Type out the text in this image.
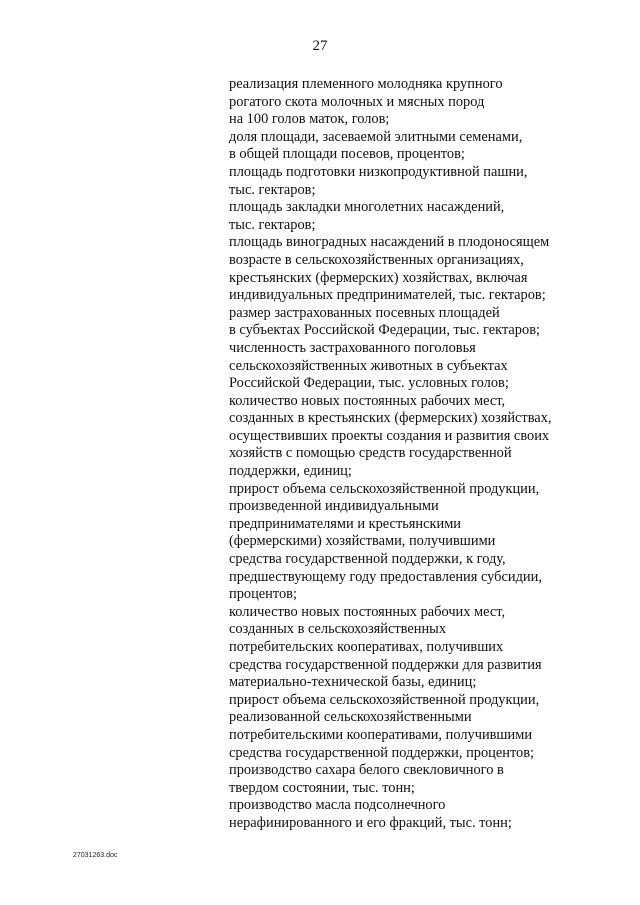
27
реализация племенного молодняка крупного
рогатого скота молочных и мясных пород
на 100 голов маток, голов;
доля площади, засеваемой элитными семенами,
в общей площади посевов, процентов;
площадь подготовки низкопродуктивной пашни,
тыс. гектаров;
площадь закладки многолетних насаждений,
тыс. гектаров;
площадь виноградных насаждений в плодоносящем
возрасте в сельскохозяйственных организациях,
крестьянских (фермерских) хозяйствах, включая
индивидуальных предпринимателей, тыс. гектаров;
размер застрахованных посевных площадей
в субъектах Российской Федерации, тыс. гектаров;
численность застрахованного поголовья
сельскохозяйственных животных в субъектах
Российской Федерации, тыс. условных голов;
количество новых постоянных рабочих мест,
созданных в крестьянских (фермерских) хозяйствах,
осуществивших проекты создания и развития своих
хозяйств с помощью средств государственной
поддержки, единиц;
прирост объема сельскохозяйственной продукции,
произведенной индивидуальными
предпринимателями и крестьянскими
(фермерскими) хозяйствами, получившими
средства государственной поддержки, к году,
предшествующему году предоставления субсидии,
процентов;
количество новых постоянных рабочих мест,
созданных в сельскохозяйственных
потребительских кооперативах, получивших
средства государственной поддержки для развития
материально-технической базы, единиц;
прирост объема сельскохозяйственной продукции,
реализованной сельскохозяйственными
потребительскими кооперативами, получившими
средства государственной поддержки, процентов;
производство сахара белого свекловичного в
твердом состоянии, тыс. тонн;
производство масла подсолнечного
нерафинированного и его фракций, тыс. тонн;
27031263.doc
